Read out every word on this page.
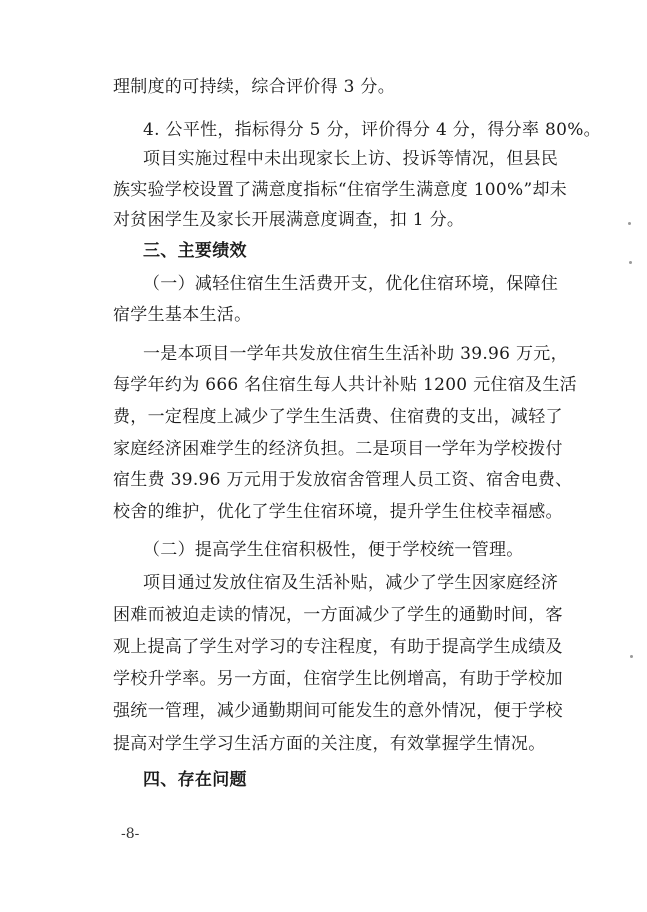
理制度的可持续，综合评价得 3 分。
4. 公平性，指标得分 5 分，评价得分 4 分，得分率 80%。
项目实施过程中未出现家长上访、投诉等情况，但县民
族实验学校设置了满意度指标“住宿学生满意度 100%”却未
对贫困学生及家长开展满意度调查，扣 1 分。
三、主要绩效
（一）减轻住宿生生活费开支，优化住宿环境，保障住
宿学生基本生活。
一是本项目一学年共发放住宿生生活补助 39.96 万元，
每学年约为 666 名住宿生每人共计补贴 1200 元住宿及生活
费，一定程度上减少了学生生活费、住宿费的支出，减轻了
家庭经济困难学生的经济负担。二是项目一学年为学校拨付
宿生费 39.96 万元用于发放宿舍管理人员工资、宿舍电费、
校舍的维护，优化了学生住宿环境，提升学生住校幸福感。
（二）提高学生住宿积极性，便于学校统一管理。
项目通过发放住宿及生活补贴，减少了学生因家庭经济
困难而被迫走读的情况，一方面减少了学生的通勤时间，客
观上提高了学生对学习的专注程度，有助于提高学生成绩及
学校升学率。另一方面，住宿学生比例增高，有助于学校加
强统一管理，减少通勤期间可能发生的意外情况，便于学校
提高对学生学习生活方面的关注度，有效掌握学生情况。
四、存在问题
-8-
